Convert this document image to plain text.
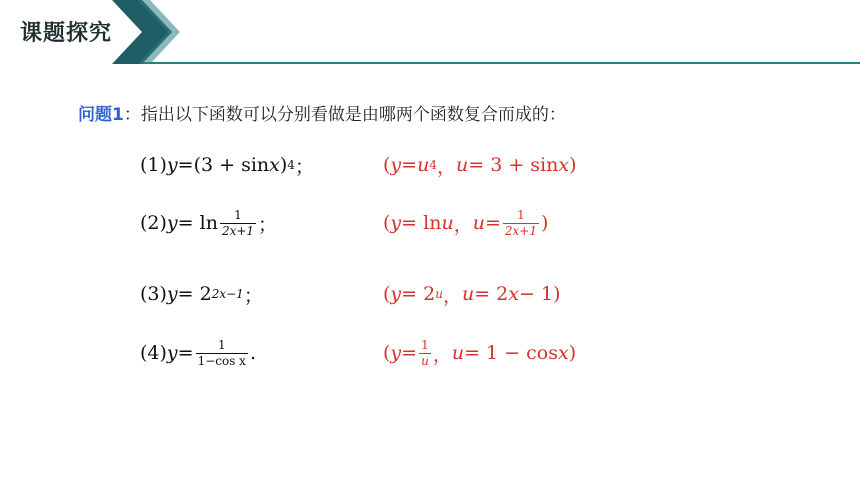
课题探究
问题1：指出以下函数可以分别看做是由哪两个函数复合而成的：
(1) y = (3 + sin x ) 4 ；	( y = u 4 ， u = 3 + sin x )
(2) $y = \ln \frac{1}{2x+1}$ ；	( y = ln u ， $u = \frac{1}{2x+1}$ )
(3) y = 2 2x−1 ；	( y = 2 u ， u = 2 x − 1 )
(4) $y = \frac{1}{\text{1−cos x}}$ .	( $y = \frac{1}{u}$ ， u = 1 − cos x )
